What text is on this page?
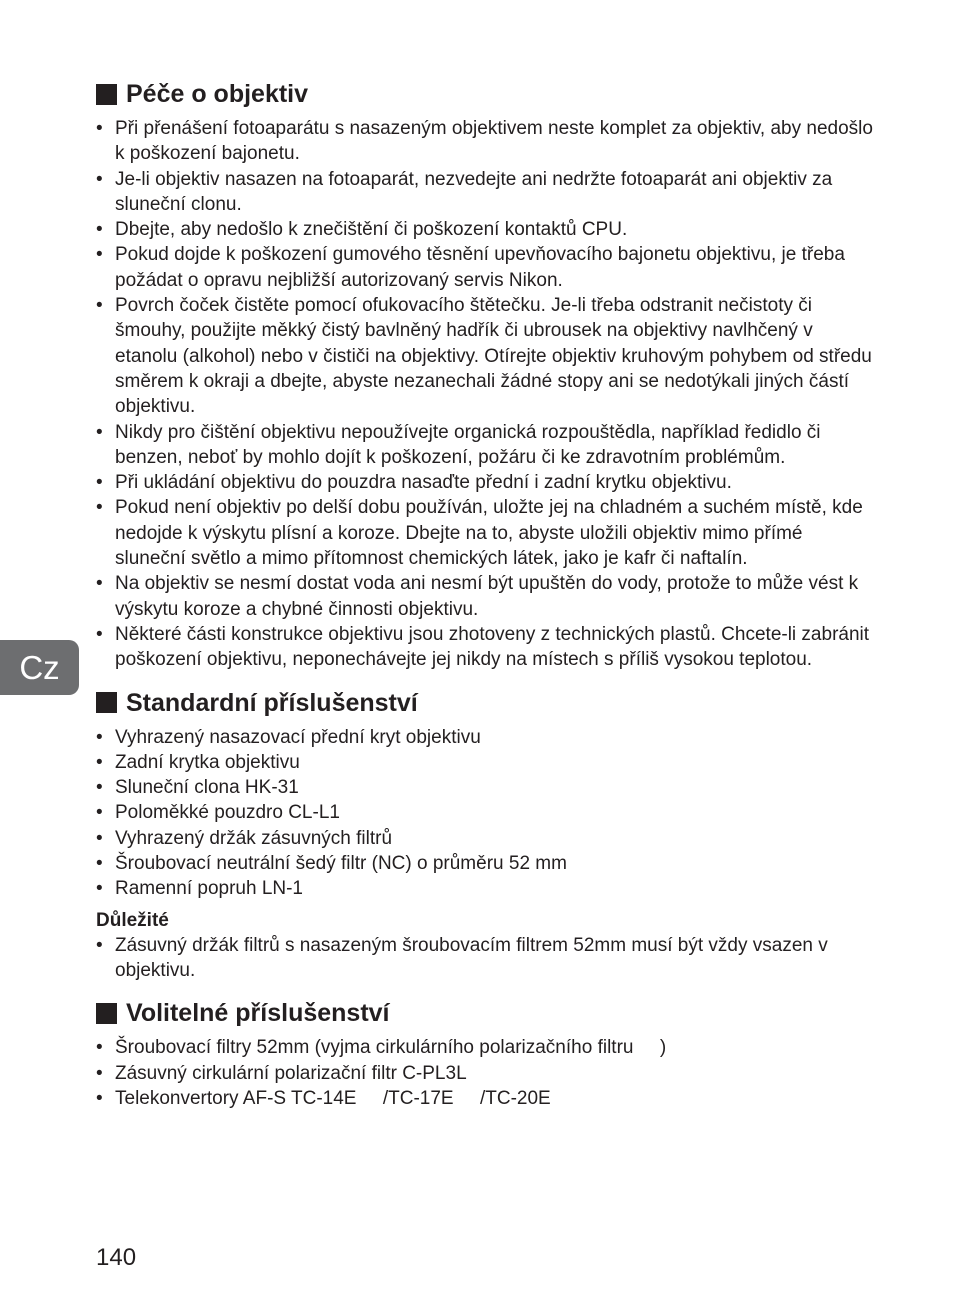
Cz
Péče o objektiv
• Při přenášení fotoaparátu s nasazeným objektivem neste komplet za objektiv, aby nedošlo k poškození bajonetu.
• Je-li objektiv nasazen na fotoaparát, nezvedejte ani nedržte fotoaparát ani objektiv za sluneční clonu.
• Dbejte, aby nedošlo k znečištění či poškození kontaktů CPU.
• Pokud dojde k poškození gumového těsnění upevňovacího bajonetu objektivu, je třeba požádat o opravu nejbližší autorizovaný servis Nikon.
• Povrch čoček čistěte pomocí ofukovacího štětečku. Je-li třeba odstranit nečistoty či šmouhy, použijte měkký čistý bavlněný hadřík či ubrousek na objektivy navlhčený v etanolu (alkohol) nebo v čističi na objektivy. Otírejte objektiv kruhovým pohybem od středu směrem k okraji a dbejte, abyste nezanechali žádné stopy ani se nedotýkali jiných částí objektivu.
• Nikdy pro čištění objektivu nepoužívejte organická rozpouštědla, například ředidlo či benzen, neboť by mohlo dojít k poškození, požáru či ke zdravotním problémům.
• Při ukládání objektivu do pouzdra nasaďte přední i zadní krytku objektivu.
• Pokud není objektiv po delší dobu používán, uložte jej na chladném a suchém místě, kde nedojde k výskytu plísní a koroze. Dbejte na to, abyste uložili objektiv mimo přímé sluneční světlo a mimo přítomnost chemických látek, jako je kafr či naftalín.
• Na objektiv se nesmí dostat voda ani nesmí být upuštěn do vody, protože to může vést k výskytu koroze a chybné činnosti objektivu.
• Některé části konstrukce objektivu jsou zhotoveny z technických plastů. Chcete-li zabránit poškození objektivu, neponechávejte jej nikdy na místech s příliš vysokou teplotou.
Standardní příslušenství
• Vyhrazený nasazovací přední kryt objektivu
• Zadní krytka objektivu
• Sluneční clona HK-31
• Poloměkké pouzdro CL-L1
• Vyhrazený držák zásuvných filtrů
• Šroubovací neutrální šedý filtr (NC) o průměru 52 mm
• Ramenní popruh LN-1
Důležité
• Zásuvný držák filtrů s nasazeným šroubovacím filtrem 52mm musí být vždy vsazen v objektivu.
Volitelné příslušenství
• Šroubovací filtry 52mm (vyjma cirkulárního polarizačního filtru     )
• Zásuvný cirkulární polarizační filtr C-PL3L
• Telekonvertory AF-S TC-14E     /TC-17E     /TC-20E
140
